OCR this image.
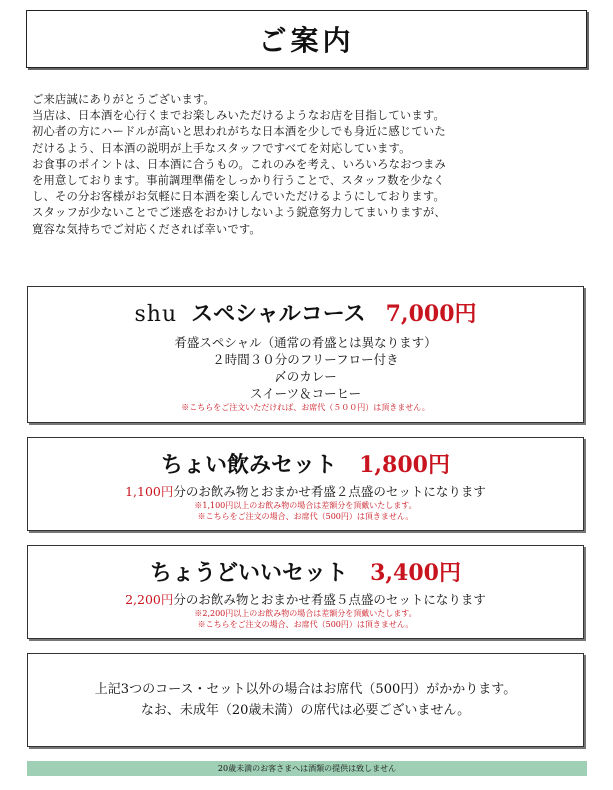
ご案内

ご来店誠にありがとうございます。

当店は、日本酒を心行くまでお楽しみいただけるようなお店を目指しています。

初心者の方にハードルが高いと思われがちな日本酒を少しでも身近に感じていた

だけるよう、日本酒の説明が上手なスタッフですべてを対応しています。

お食事のポイントは、日本酒に合うもの。これのみを考え、いろいろなおつまみ

を用意しております。事前調理準備をしっかり行うことで、スタッフ数を少なく

し、その分お客様がお気軽に日本酒を楽しんでいただけるようにしております。

スタッフが少ないことでご迷惑をおかけしないよう鋭意努力してまいりますが、

寛容な気持ちでご対応くだされば幸いです。

shu スペシャルコース 7,000円

肴盛スペシャル（通常の肴盛とは異なります）

２時間３０分のフリーフロー付き

〆のカレー

スイーツ＆コーヒー

※こちらをご注文いただければ、お席代（５００円）は頂きません。

ちょい飲みセット 1,800円

1,100円分のお飲み物とおまかせ肴盛２点盛のセットになります

※1,100円以上のお飲み物の場合は差額分を頂戴いたします。

※こちらをご注文の場合、お席代（500円）は頂きません。

ちょうどいいセット 3,400円

2,200円分のお飲み物とおまかせ肴盛５点盛のセットになります

※2,200円以上のお飲み物の場合は差額分を頂戴いたします。

※こちらをご注文の場合、お席代（500円）は頂きません。

上記3つのコース・セット以外の場合はお席代（500円）がかかります。

なお、未成年（20歳未満）の席代は必要ございません。

20歳未満のお客さまへは酒類の提供は致しません
